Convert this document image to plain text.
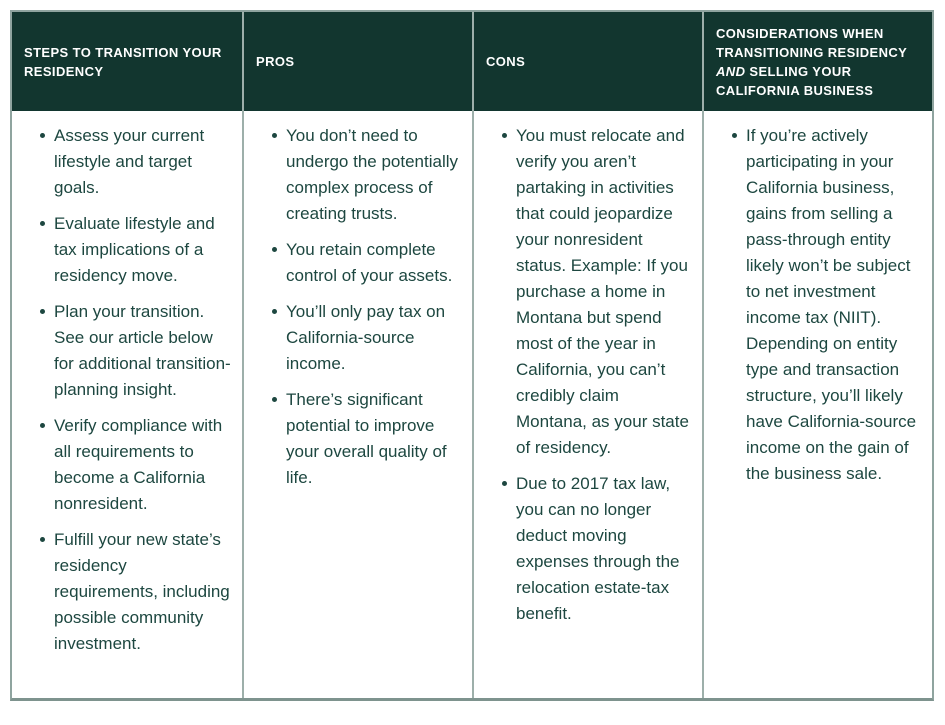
STEPS TO TRANSITION YOUR
RESIDENCY
Assess your current lifestyle and target goals.
Evaluate lifestyle and tax implications of a residency move.
Plan your transition. See our article below for additional transition-planning insight.
Verify compliance with all requirements to become a California nonresident.
Fulfill your new state’s residency requirements, including possible community investment.
PROS
You don’t need to undergo the potentially complex process of creating trusts.
You retain complete control of your assets.
You’ll only pay tax on California-source income.
There’s significant potential to improve your overall quality of life.
CONS
You must relocate and verify you aren’t partaking in activities that could jeopardize your nonresident status. Example: If you purchase a home in Montana but spend most of the year in California, you can’t credibly claim Montana, as your state of residency.
Due to 2017 tax law, you can no longer deduct moving expenses through the relocation estate-tax benefit.
CONSIDERATIONS WHEN
TRANSITIONING RESIDENCY
AND SELLING YOUR
CALIFORNIA BUSINESS
If you’re actively participating in your California business, gains from selling a pass-through entity likely won’t be subject to net investment income tax (NIIT). Depending on entity type and transaction structure, you’ll likely have California-source income on the gain of the business sale.
